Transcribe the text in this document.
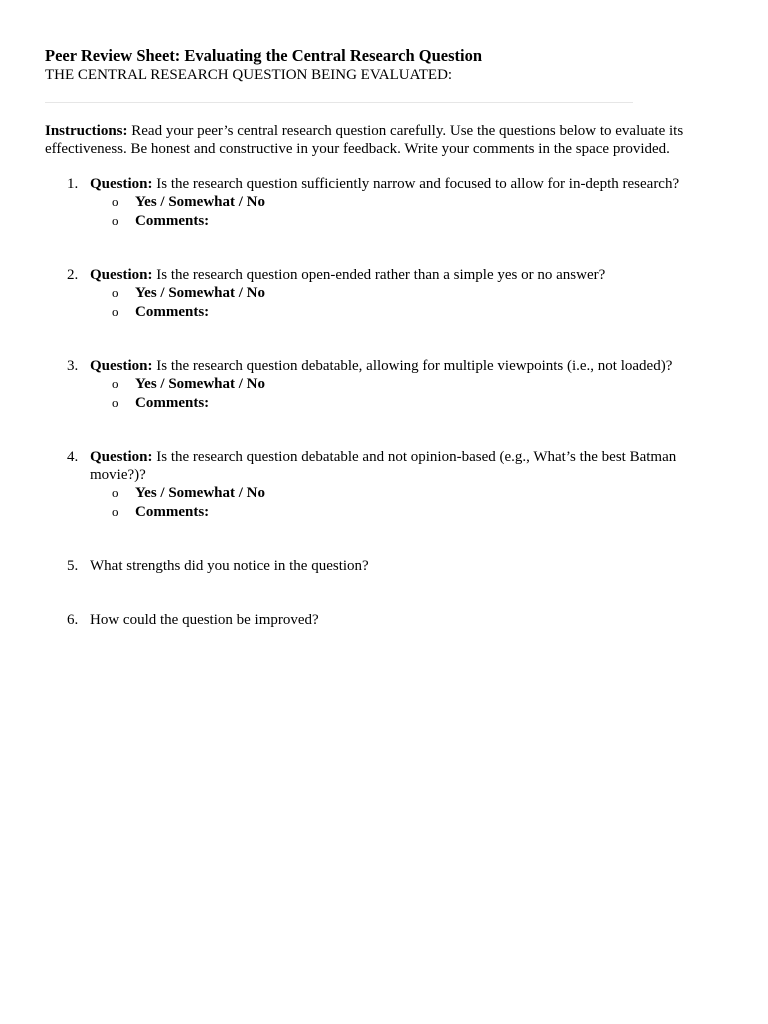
Peer Review Sheet: Evaluating the Central Research Question
THE CENTRAL RESEARCH QUESTION BEING EVALUATED:

Instructions: Read your peer’s central research question carefully. Use the questions below to evaluate its effectiveness. Be honest and constructive in your feedback. Write your comments in the space provided.

1. Question: Is the research question sufficiently narrow and focused to allow for in-depth research?
o Yes / Somewhat / No
o Comments:
2. Question: Is the research question open-ended rather than a simple yes or no answer?
o Yes / Somewhat / No
o Comments:
3. Question: Is the research question debatable, allowing for multiple viewpoints (i.e., not loaded)?
o Yes / Somewhat / No
o Comments:
4. Question: Is the research question debatable and not opinion-based (e.g., What’s the best Batman movie?)?
o Yes / Somewhat / No
o Comments:
5. What strengths did you notice in the question?
6. How could the question be improved?
